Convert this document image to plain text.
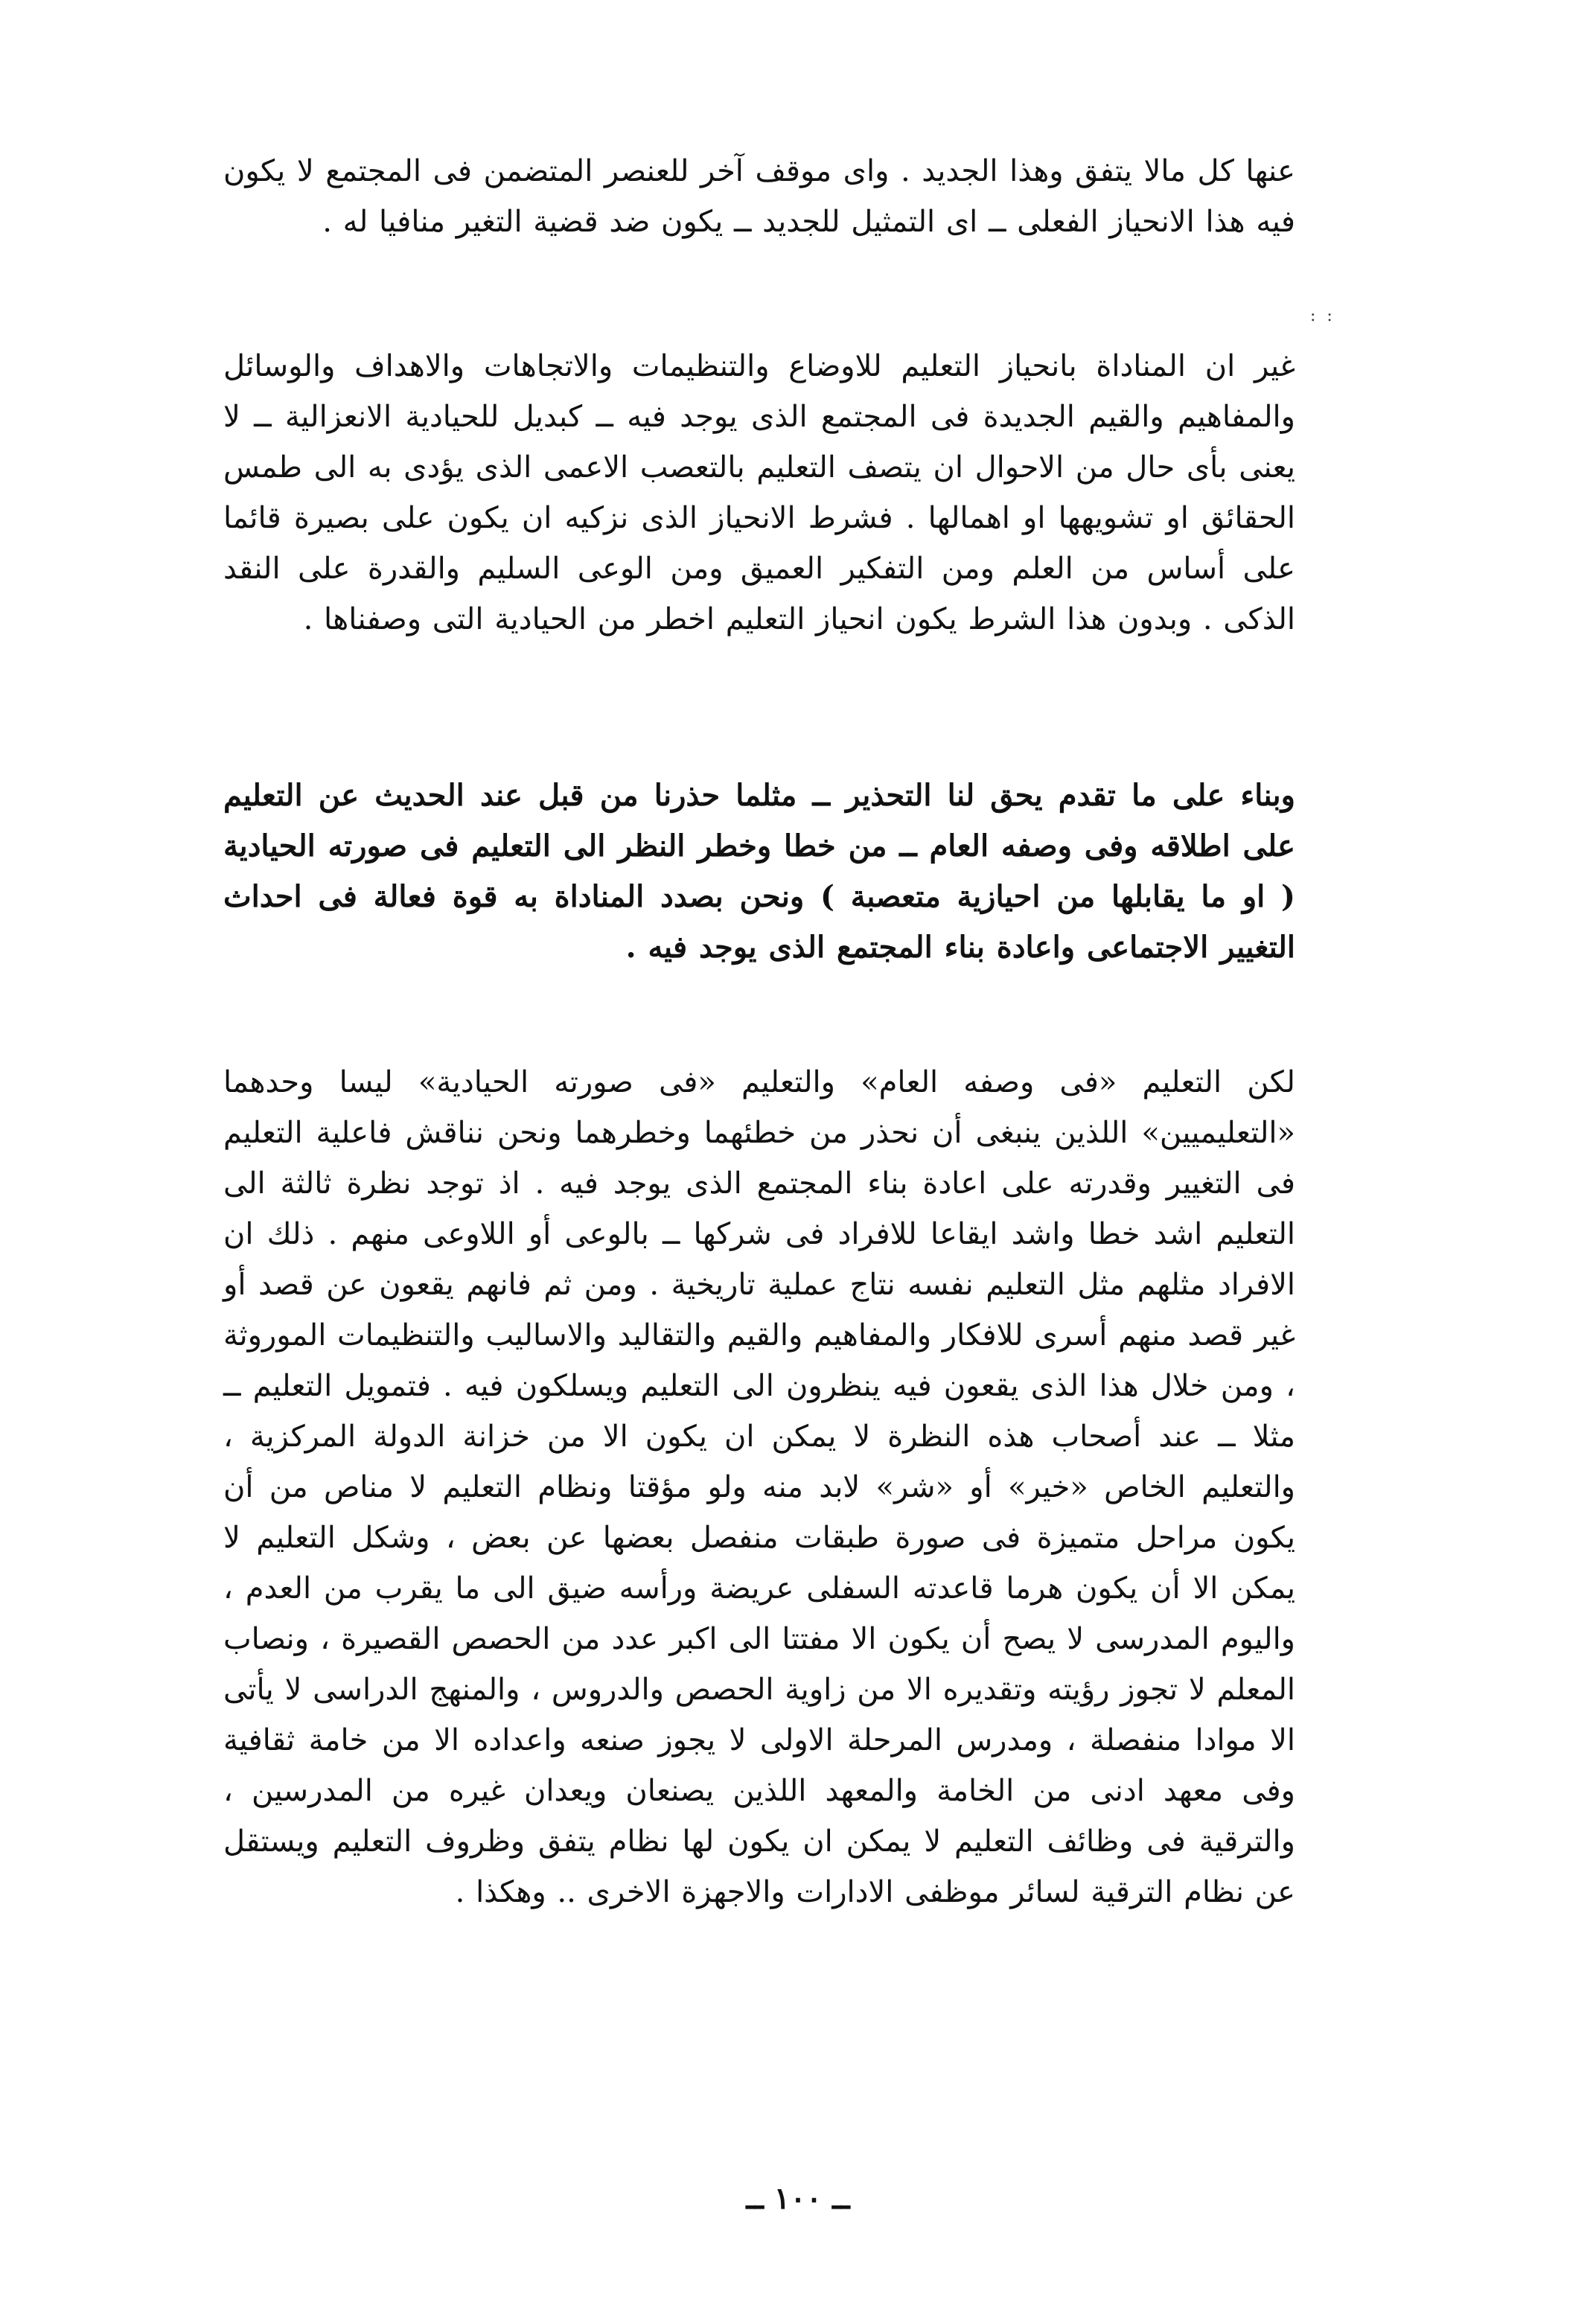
عنها كل مالا يتفق وهذا الجديد . واى موقف آخر للعنصر المتضمن فى المجتمع لا يكون فيه هذا الانحياز الفعلى ــ اى التمثيل للجديد ــ يكون ضد قضية التغير منافيا له .

: :

غير ان المناداة بانحياز التعليم للاوضاع والتنظيمات والاتجاهات والاهداف والوسائل والمفاهيم والقيم الجديدة فى المجتمع الذى يوجد فيه ــ كبديل للحيادية الانعزالية ــ لا يعنى بأى حال من الاحوال ان يتصف التعليم بالتعصب الاعمى الذى يؤدى به الى طمس الحقائق او تشويهها او اهمالها . فشرط الانحياز الذى نزكيه ان يكون على بصيرة قائما على أساس من العلم ومن التفكير العميق ومن الوعى السليم والقدرة على النقد الذكى . وبدون هذا الشرط يكون انحياز التعليم اخطر من الحيادية التى وصفناها .

وبناء على ما تقدم يحق لنا التحذير ــ مثلما حذرنا من قبل عند الحديث عن التعليم على اطلاقه وفى وصفه العام ــ من خطا وخطر النظر الى التعليم فى صورته الحيادية ( او ما يقابلها من احيازية متعصبة ) ونحن بصدد المناداة به قوة فعالة فى احداث التغيير الاجتماعى واعادة بناء المجتمع الذى يوجد فيه .

لكن التعليم «فى وصفه العام» والتعليم «فى صورته الحيادية» ليسا وحدهما «التعليميين» اللذين ينبغى أن نحذر من خطئهما وخطرهما ونحن نناقش فاعلية التعليم فى التغيير وقدرته على اعادة بناء المجتمع الذى يوجد فيه . اذ توجد نظرة ثالثة الى التعليم اشد خطا واشد ايقاعا للافراد فى شركها ــ بالوعى أو اللاوعى منهم . ذلك ان الافراد مثلهم مثل التعليم نفسه نتاج عملية تاريخية . ومن ثم فانهم يقعون عن قصد أو غير قصد منهم أسرى للافكار والمفاهيم والقيم والتقاليد والاساليب والتنظيمات الموروثة ، ومن خلال هذا الذى يقعون فيه ينظرون الى التعليم ويسلكون فيه . فتمويل التعليم ــ مثلا ــ عند أصحاب هذه النظرة لا يمكن ان يكون الا من خزانة الدولة المركزية ، والتعليم الخاص «خير» أو «شر» لابد منه ولو مؤقتا ونظام التعليم لا مناص من أن يكون مراحل متميزة فى صورة طبقات منفصل بعضها عن بعض ، وشكل التعليم لا يمكن الا أن يكون هرما قاعدته السفلى عريضة ورأسه ضيق الى ما يقرب من العدم ، واليوم المدرسى لا يصح أن يكون الا مفتتا الى اكبر عدد من الحصص القصيرة ، ونصاب المعلم لا تجوز رؤيته وتقديره الا من زاوية الحصص والدروس ، والمنهج الدراسى لا يأتى الا موادا منفصلة ، ومدرس المرحلة الاولى لا يجوز صنعه واعداده الا من خامة ثقافية وفى معهد ادنى من الخامة والمعهد اللذين يصنعان ويعدان غيره من المدرسين ، والترقية فى وظائف التعليم لا يمكن ان يكون لها نظام يتفق وظروف التعليم ويستقل عن نظام الترقية لسائر موظفى الادارات والاجهزة الاخرى .. وهكذا .

ــ ١٠٠ ــ
